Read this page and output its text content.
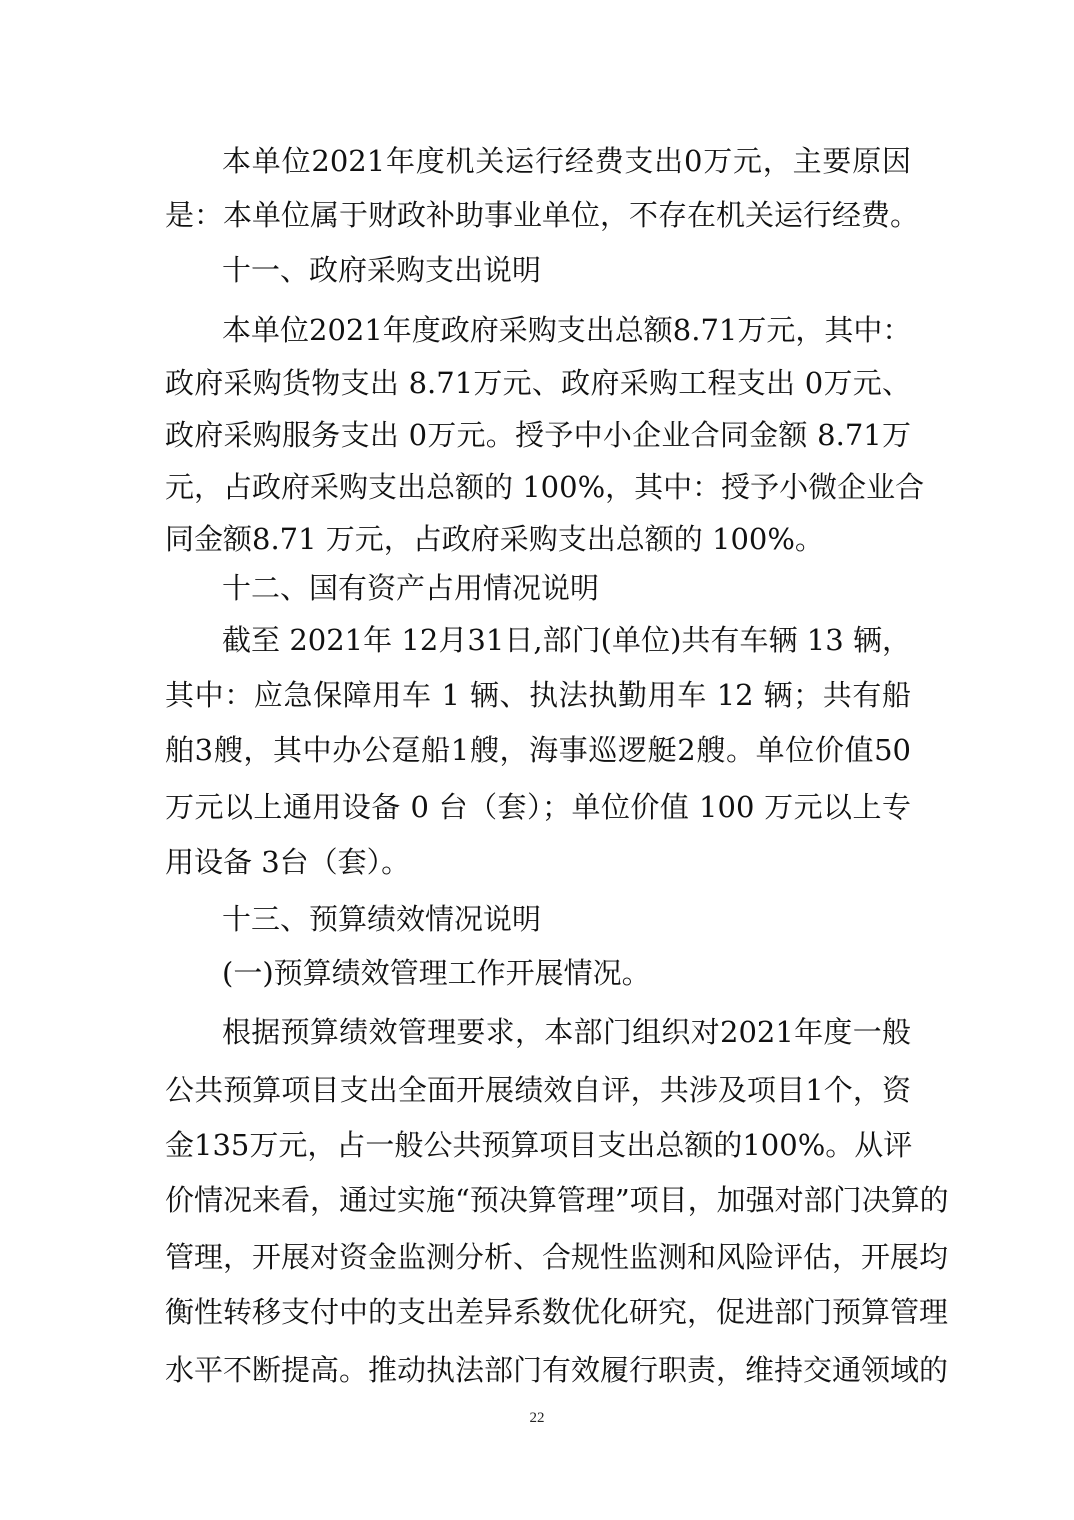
本单位2021年度机关运行经费支出0万元，主要原因
是：本单位属于财政补助事业单位，不存在机关运行经费。
十一、政府采购支出说明
本单位2021年度政府采购支出总额8.71万元，其中：
政府采购货物支出 8.71万元、政府采购工程支出 0万元、
政府采购服务支出 0万元。授予中小企业合同金额 8.71万
元，占政府采购支出总额的 100%，其中：授予小微企业合
同金额8.71 万元，占政府采购支出总额的 100%。
十二、国有资产占用情况说明
截至 2021年 12月31日,部门(单位)共有车辆 13 辆，
其中：应急保障用车 1 辆、执法执勤用车 12 辆；共有船
舶3艘，其中办公趸船1艘，海事巡逻艇2艘。单位价值50
万元以上通用设备 0 台（套）；单位价值 100 万元以上专
用设备 3台（套）。
十三、预算绩效情况说明
(一)预算绩效管理工作开展情况。
根据预算绩效管理要求，本部门组织对2021年度一般
公共预算项目支出全面开展绩效自评，共涉及项目1个，资
金135万元，占一般公共预算项目支出总额的100%。从评
价情况来看，通过实施“预决算管理”项目，加强对部门决算的
管理，开展对资金监测分析、合规性监测和风险评估，开展均
衡性转移支付中的支出差异系数优化研究，促进部门预算管理
水平不断提高。推动执法部门有效履行职责，维持交通领域的
22
